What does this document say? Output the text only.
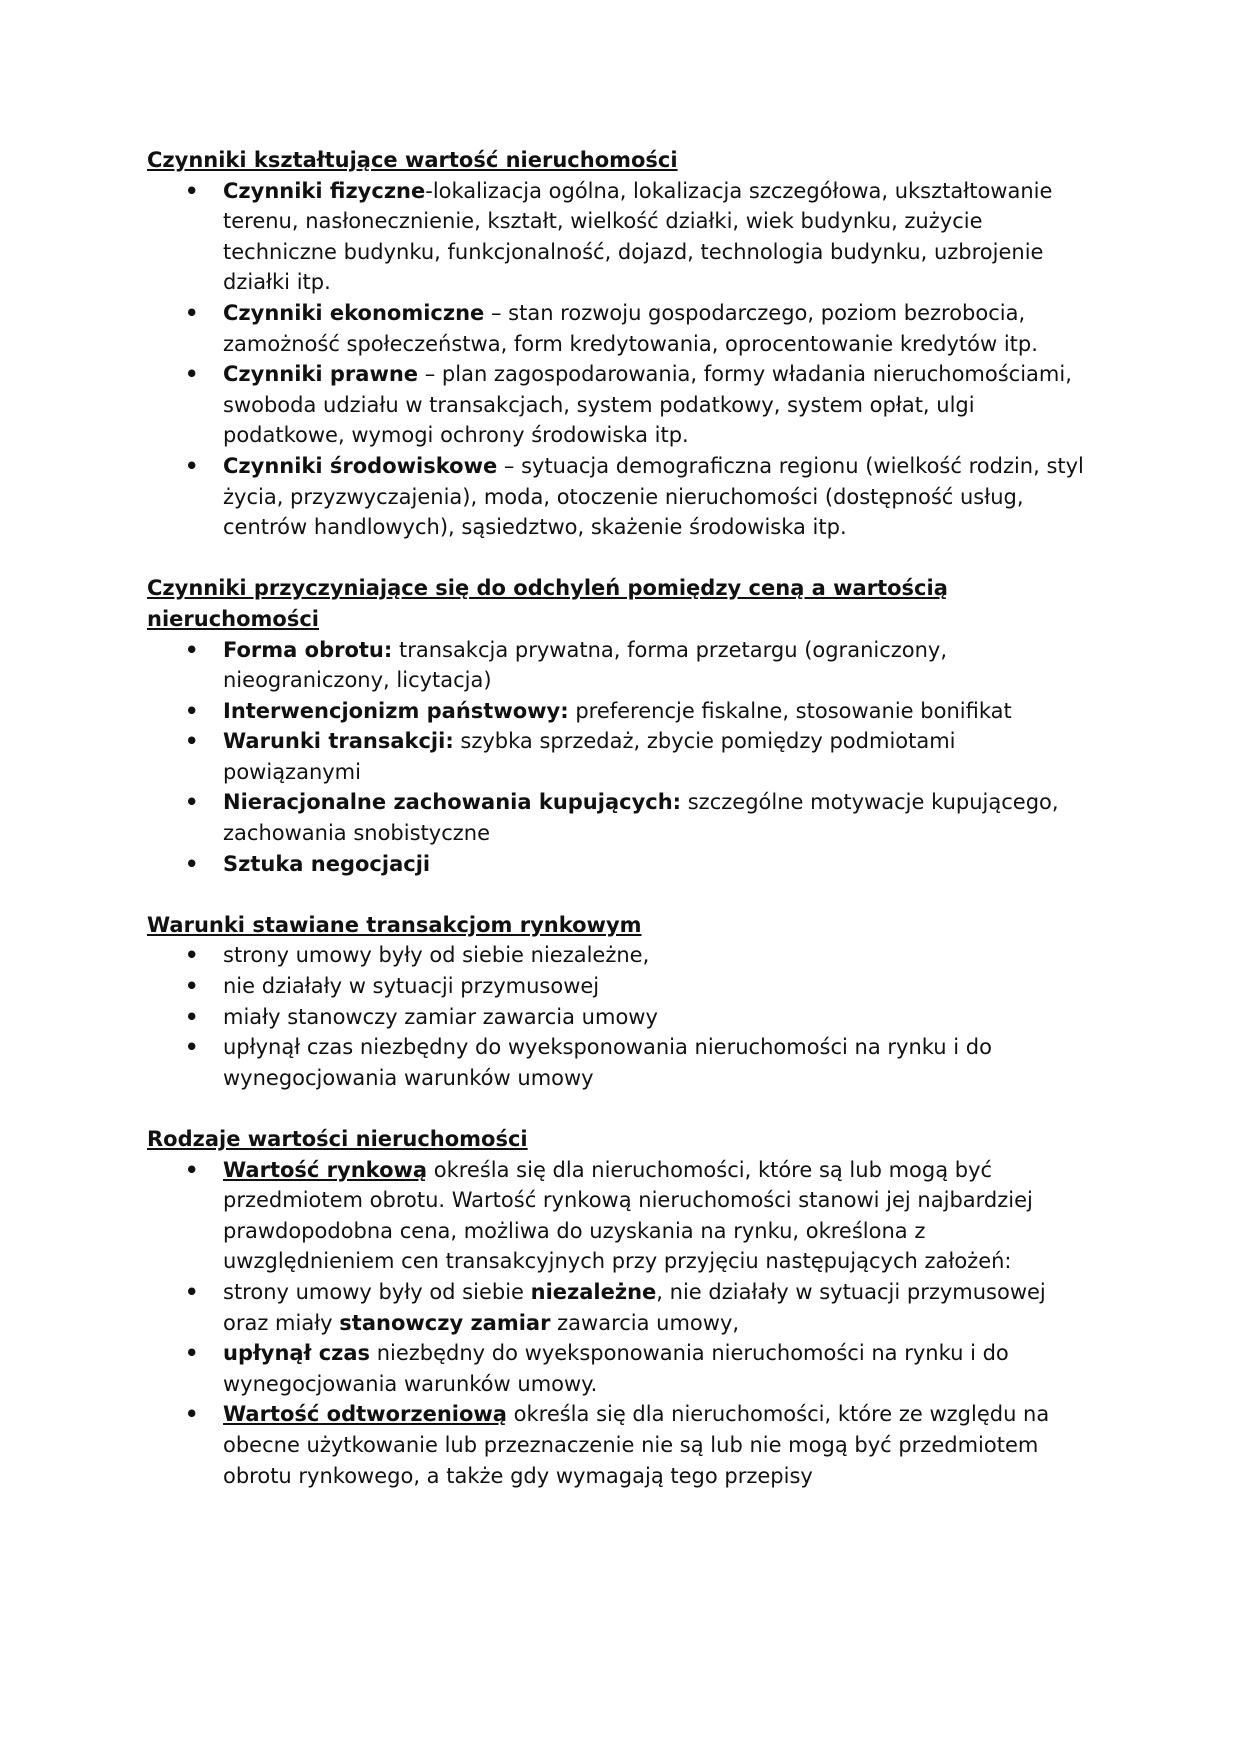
Czynniki kształtujące wartość nieruchomości
• Czynniki fizyczne-lokalizacja ogólna, lokalizacja szczegółowa, ukształtowanie terenu, nasłonecznienie, kształt, wielkość działki, wiek budynku, zużycie techniczne budynku, funkcjonalność, dojazd, technologia budynku, uzbrojenie działki itp.
• Czynniki ekonomiczne – stan rozwoju gospodarczego, poziom bezrobocia, zamożność społeczeństwa, form kredytowania, oprocentowanie kredytów itp.
• Czynniki prawne – plan zagospodarowania, formy władania nieruchomościami, swoboda udziału w transakcjach, system podatkowy, system opłat, ulgi podatkowe, wymogi ochrony środowiska itp.
• Czynniki środowiskowe – sytuacja demograficzna regionu (wielkość rodzin, styl życia, przyzwyczajenia), moda, otoczenie nieruchomości (dostępność usług, centrów handlowych), sąsiedztwo, skażenie środowiska itp.
Czynniki przyczyniające się do odchyleń pomiędzy ceną a wartością nieruchomości
• Forma obrotu: transakcja prywatna, forma przetargu (ograniczony, nieograniczony, licytacja)
• Interwencjonizm państwowy: preferencje fiskalne, stosowanie bonifikat
• Warunki transakcji: szybka sprzedaż, zbycie pomiędzy podmiotami powiązanymi
• Nieracjonalne zachowania kupujących: szczególne motywacje kupującego, zachowania snobistyczne
• Sztuka negocjacji
Warunki stawiane transakcjom rynkowym
• strony umowy były od siebie niezależne,
• nie działały w sytuacji przymusowej
• miały stanowczy zamiar zawarcia umowy
• upłynął czas niezbędny do wyeksponowania nieruchomości na rynku i do wynegocjowania warunków umowy
Rodzaje wartości nieruchomości
• Wartość rynkową określa się dla nieruchomości, które są lub mogą być przedmiotem obrotu. Wartość rynkową nieruchomości stanowi jej najbardziej prawdopodobna cena, możliwa do uzyskania na rynku, określona z uwzględnieniem cen transakcyjnych przy przyjęciu następujących założeń:
• strony umowy były od siebie niezależne, nie działały w sytuacji przymusowej oraz miały stanowczy zamiar zawarcia umowy,
• upłynął czas niezbędny do wyeksponowania nieruchomości na rynku i do wynegocjowania warunków umowy.
• Wartość odtworzeniową określa się dla nieruchomości, które ze względu na obecne użytkowanie lub przeznaczenie nie są lub nie mogą być przedmiotem obrotu rynkowego, a także gdy wymagają tego przepisy
